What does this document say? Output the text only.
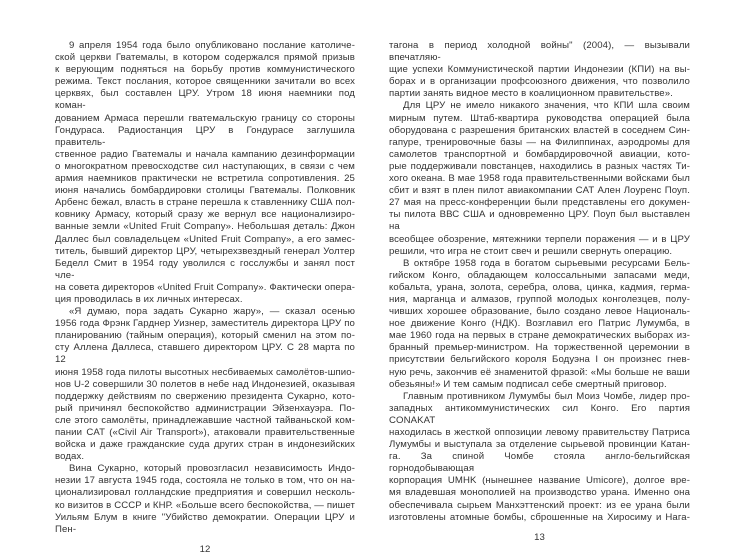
9 апреля 1954 года было опубликовано послание католиче-
ской церкви Гватемалы, в котором содержался прямой призыв
к верующим подняться на борьбу против коммунистического
режима. Текст послания, которое священники зачитали во всех
церквях, был составлен ЦРУ. Утром 18 июня наемники под коман-
дованием Армаса перешли гватемальскую границу со стороны
Гондураса. Радиостанция ЦРУ в Гондурасе заглушила правитель-
ственное радио Гватемалы и начала кампанию дезинформации
о многократном превосходстве сил наступающих, в связи с чем
армия наемников практически не встретила сопротивления. 25
июня начались бомбардировки столицы Гватемалы. Полковник
Арбенс бежал, власть в стране перешла к ставленнику США пол-
ковнику Армасу, который сразу же вернул все национализиро-
ванные земли «United Fruit Company». Небольшая деталь: Джон
Даллес был совладельцем «United Fruit Company», а его замес-
титель, бывший директор ЦРУ, четырехзвездный генерал Уолтер
Беделл Смит в 1954 году уволился с госслужбы и занял пост чле-
на совета директоров «United Fruit Company». Фактически опера-
ция проводилась в их личных интересах.
«Я думаю, пора задать Сукарно жару», — сказал осенью
1956 года Фрэнк Гарднер Уизнер, заместитель директора ЦРУ по
планированию (тайным операция), который сменил на этом по-
сту Аллена Даллеса, ставшего директором ЦРУ. С 28 марта по 12
июня 1958 года пилоты высотных несбиваемых самолётов-шпио-
нов U-2 совершили 30 полетов в небе над Индонезией, оказывая
поддержку действиям по свержению президента Сукарно, кото-
рый причинял беспокойство администрации Эйзенхауэра. По-
сле этого самолёты, принадлежавшие частной тайваньской ком-
пании CAT («Civil Air Transport»), атаковали правительственные
войска и даже гражданские суда других стран в индонезийских
водах.
Вина Сукарно, который провозгласил независимость Индо-
незии 17 августа 1945 года, состояла не только в том, что он на-
ционализировал голландские предприятия и совершил несколь-
ко визитов в СССР и КНР. «Больше всего беспокойства, — пишет
Уильям Блум в книге "Убийство демократии. Операции ЦРУ и Пен-
12
тагона в период холодной войны" (2004), — вызывали впечатляю-
щие успехи Коммунистической партии Индонезии (КПИ) на вы-
борах и в организации профсоюзного движения, что позволило
партии занять видное место в коалиционном правительстве».
Для ЦРУ не имело никакого значения, что КПИ шла своим
мирным путем. Штаб-квартира руководства операцией была
оборудована с разрешения британских властей в соседнем Син-
гапуре, тренировочные базы — на Филиппинах, аэродромы для
самолетов транспортной и бомбардировочной авиации, кото-
рые поддерживали повстанцев, находились в разных частях Ти-
хого океана. В мае 1958 года правительственными войсками был
сбит и взят в плен пилот авиакомпании CAT Ален Лоуренс Поуп.
27 мая на пресс-конференции были представлены его докумен-
ты пилота ВВС США и одновременно ЦРУ. Поуп был выставлен на
всеобщее обозрение, мятежники терпели поражения — и в ЦРУ
решили, что игра не стоит свеч и решили свернуть операцию.
В октябре 1958 года в богатом сырьевыми ресурсами Бель-
гийском Конго, обладающем колоссальными запасами меди,
кобальта, урана, золота, серебра, олова, цинка, кадмия, герма-
ния, марганца и алмазов, группой молодых конголезцев, полу-
чивших хорошее образование, было создано левое Националь-
ное движение Конго (НДК). Возглавил его Патрис Лумумба, в
мае 1960 года на первых в стране демократических выборах из-
бранный премьер-министром. На торжественной церемонии в
присутствии бельгийского короля Бодуэна I он произнес гнев-
ную речь, закончив её знаменитой фразой: «Мы больше не ваши
обезьяны!» И тем самым подписал себе смертный приговор.
Главным противником Лумумбы был Моиз Чомбе, лидер про-
западных антикоммунистических сил Конго. Его партия CONAKAT
находилась в жесткой оппозиции левому правительству Патриса
Лумумбы и выступала за отделение сырьевой провинции Катан-
га. За спиной Чомбе стояла англо-бельгийская горнодобывающая
корпорация UMHK (нынешнее название Umicore), долгое вре-
мя владевшая монополией на производство урана. Именно она
обеспечивала сырьем Манхэттенский проект: из ее урана были
изготовлены атомные бомбы, сброшенные на Хиросиму и Нага-
13
